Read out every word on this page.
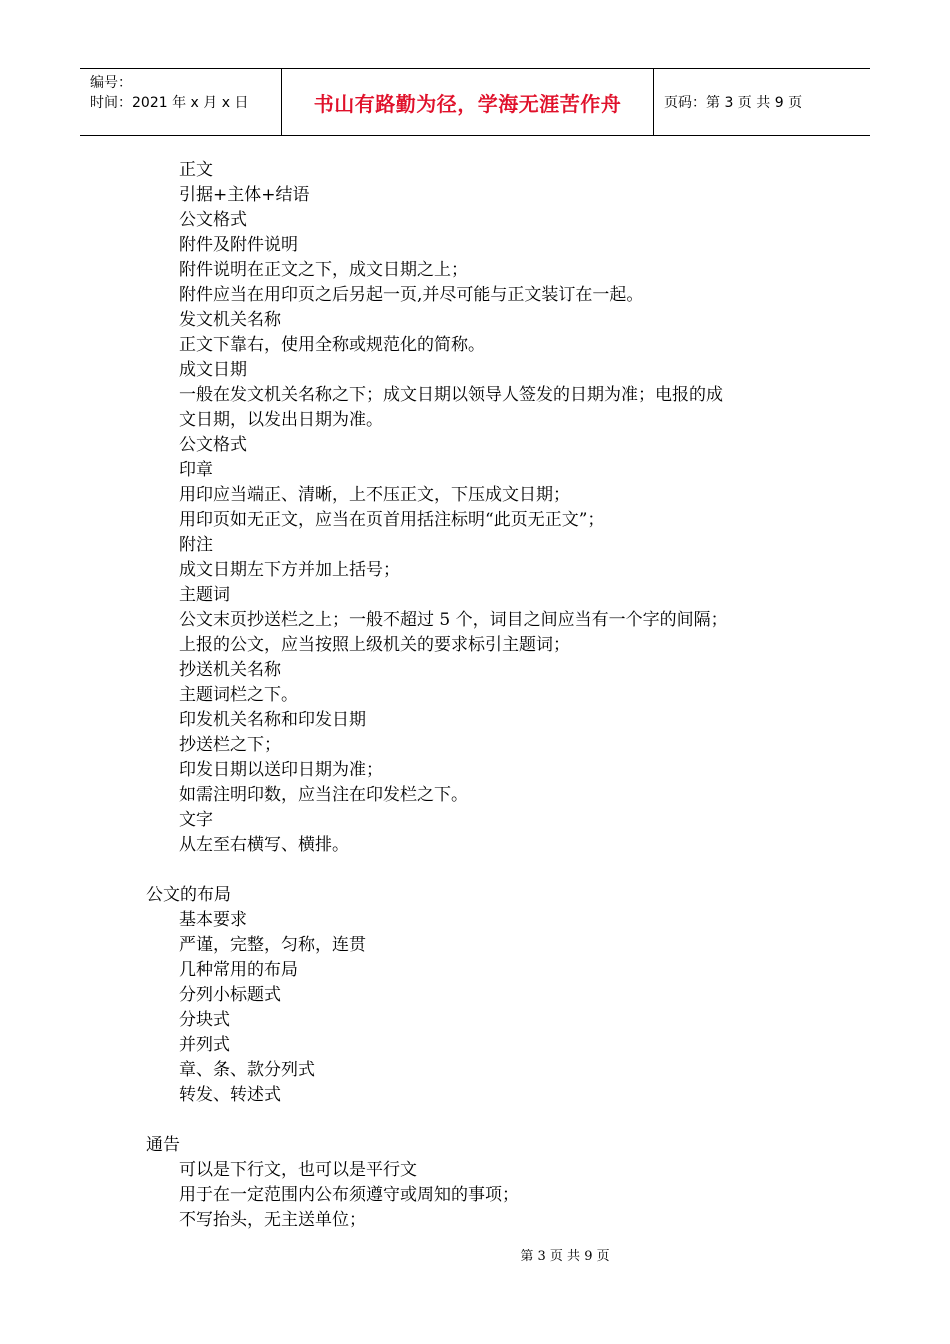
编号：
时间：2021 年 x 月 x 日	书山有路勤为径，学海无涯苦作舟	页码：第 3 页 共 9 页
正文
引据+主体+结语
公文格式
附件及附件说明
附件说明在正文之下，成文日期之上；
附件应当在用印页之后另起一页,并尽可能与正文装订在一起。
发文机关名称
正文下靠右，使用全称或规范化的简称。
成文日期
一般在发文机关名称之下；成文日期以领导人签发的日期为准；电报的成
文日期，以发出日期为准。
公文格式
印章
用印应当端正、清晰，上不压正文，下压成文日期；
用印页如无正文，应当在页首用括注标明“此页无正文”；
附注
成文日期左下方并加上括号；
主题词
公文末页抄送栏之上；一般不超过 5 个，词目之间应当有一个字的间隔；
上报的公文，应当按照上级机关的要求标引主题词；
抄送机关名称
主题词栏之下。
印发机关名称和印发日期
抄送栏之下；
印发日期以送印日期为准；
如需注明印数，应当注在印发栏之下。
文字
从左至右横写、横排。
公文的布局
基本要求
严谨，完整，匀称，连贯
几种常用的布局
分列小标题式
分块式
并列式
章、条、款分列式
转发、转述式
通告
可以是下行文，也可以是平行文
用于在一定范围内公布须遵守或周知的事项；
不写抬头，无主送单位；
第 3 页 共 9 页
